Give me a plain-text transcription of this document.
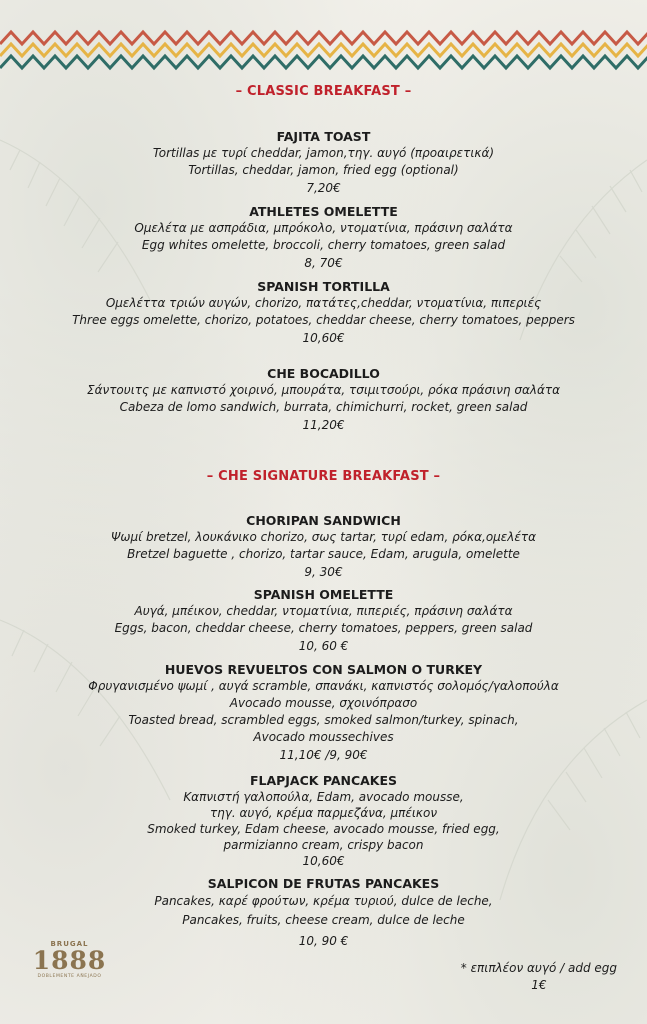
– CLASSIC BREAKFAST –
FAJITA TOAST
Tortillas με τυρί cheddar, jamon,τηγ. αυγό (προαιρετικά)
Tortillas, cheddar, jamon, fried egg (optional)
7,20€
ATHLETES OMELETTE
Ομελέτα με ασπράδια, μπρόκολο, ντοματίνια, πράσινη σαλάτα
Egg whites omelette, broccoli, cherry tomatoes, green salad
8, 70€
SPANISH TORTILLA
Ομελέττα τριών αυγών, chorizo, πατάτες,cheddar, ντοματίνια, πιπεριές
Three eggs omelette, chorizo, potatoes, cheddar cheese, cherry tomatoes, peppers
10,60€
CHE BOCADILLO
Σάντουιτς με καπνιστό χοιρινό, μπουράτα, τσιμιτσούρι, ρόκα πράσινη σαλάτα
Cabeza de lomo sandwich, burrata, chimichurri, rocket, green salad
11,20€
– CHE SIGNATURE BREAKFAST –
CHORIPAN SANDWICH
Ψωμί bretzel, λουκάνικο chorizo, σως tartar, τυρί edam, ρόκα,ομελέτα
Bretzel baguette , chorizo, tartar sauce, Edam, arugula, omelette
9, 30€
SPANISH OMELETTE
Αυγά, μπέικον, cheddar, ντοματίνια, πιπεριές, πράσινη σαλάτα
Eggs, bacon, cheddar cheese, cherry tomatoes, peppers, green salad
10, 60 €
HUEVOS REVUELTOS CON SALMON O TURKEY
Φρυγανισμένο ψωμί , αυγά scramble, σπανάκι, καπνιστός σολομός/γαλοπούλα
Avocado mousse, σχοινόπρασο
Toasted bread, scrambled eggs, smoked salmon/turkey, spinach,
Avocado moussechives
11,10€ /9, 90€
FLAPJACK PANCAKES
Καπνιστή γαλοπούλα, Edam, avocado mousse,
τηγ. αυγό, κρέμα παρμεζάνα, μπέικον
Smoked turkey, Edam cheese, avocado mousse, fried egg,
parmizianno cream, crispy bacon
10,60€
SALPICON DE FRUTAS PANCAKES
Pancakes, καρέ φρούτων, κρέμα τυριού, dulce de leche,
Pancakes, fruits, cheese cream, dulce de leche
10, 90 €
* επιπλέον αυγό / add egg
1€
BRUGAL
1888
DOBLEMENTE AÑEJADO
